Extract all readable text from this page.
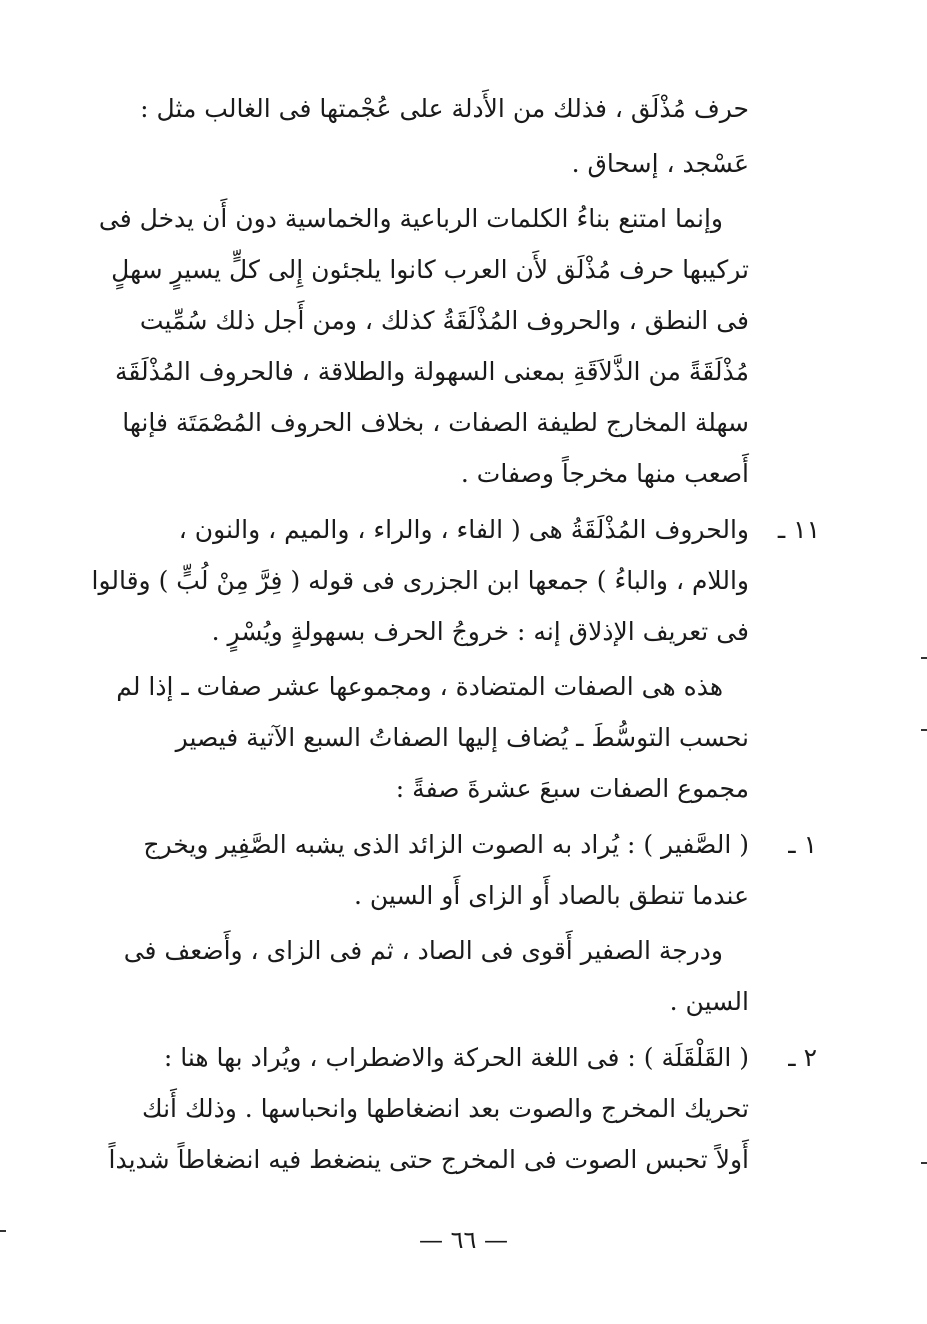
حرف مُذْلَق ، فذلك من الأَدلة على عُجْمتها فى الغالب مثل :
عَسْجد ، إسحاق .
وإنما امتنع بناءُ الكلمات الرباعية والخماسية دون أَن يدخل فى
تركيبها حرف مُذْلَق لأَن العرب كانوا يلجئون إِلى كلٍّ يسيرٍ سهلٍ
فى النطق ، والحروف المُذْلَقَةُ كذلك ، ومن أَجل ذلك سُمِّيت
مُذْلَقَةً من الذَّلاَقَةِ بمعنى السهولة والطلاقة ، فالحروف المُذْلَقَة
سهلة المخارج لطيفة الصفات ، بخلاف الحروف المُصْمَتَة فإنها
أَصعب منها مخرجاً وصفات .
١١ ـ
والحروف المُذْلَقَةُ هى ( الفاء ، والراء ، والميم ، والنون ،
واللام ، والباءُ ) جمعها ابن الجزرى فى قوله ( فِرَّ مِنْ لُبٍّ ) وقالوا
فى تعريف الإذلاق إنه : خروجُ الحرف بسهولةٍ ويُسْرٍ .
هذه هى الصفات المتضادة ، ومجموعها عشر صفات ـ إذا لم
نحسب التوسُّطَ ـ يُضاف إليها الصفاتُ السبع الآتية فيصير
مجموع الصفات سبعَ عشرةَ صفةً :
١ ـ
( الصَّفير ) : يُراد به الصوت الزائد الذى يشبه الصَّفِير ويخرج
عندما تنطق بالصاد أَو الزاى أَو السين .
ودرجة الصفير أَقوى فى الصاد ، ثم فى الزاى ، وأَضعف فى
السين .
٢ ـ
( القَلْقَلَة ) : فى اللغة الحركة والاضطراب ، ويُراد بها هنا :
تحريك المخرج والصوت بعد انضغاطها وانحباسها . وذلك أَنك
أَولاً تحبس الصوت فى المخرج حتى ينضغط فيه انضغاطاً شديداً
— ٦٦ —
